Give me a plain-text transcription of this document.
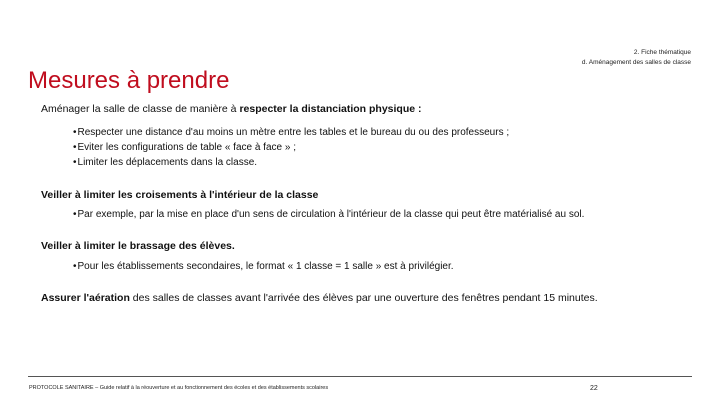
2. Fiche thématique
d. Aménagement des salles de classe
Mesures à prendre
Aménager la salle de classe de manière à respecter la distanciation physique :
• Respecter une distance d'au moins un mètre entre les tables et le bureau du ou des professeurs ;
• Eviter les configurations de table « face à face » ;
• Limiter les déplacements dans la classe.
Veiller à limiter les croisements à l'intérieur de la classe
• Par exemple, par la mise en place d'un sens de circulation à l'intérieur de la classe qui peut être matérialisé au sol.
Veiller à limiter le brassage des élèves.
• Pour les établissements secondaires, le format « 1 classe = 1 salle » est à privilégier.
Assurer l'aération des salles de classes avant l'arrivée des élèves par une ouverture des fenêtres pendant 15 minutes.
PROTOCOLE SANITAIRE – Guide relatif à la réouverture et au fonctionnement des écoles et des établissements scolaires	22
